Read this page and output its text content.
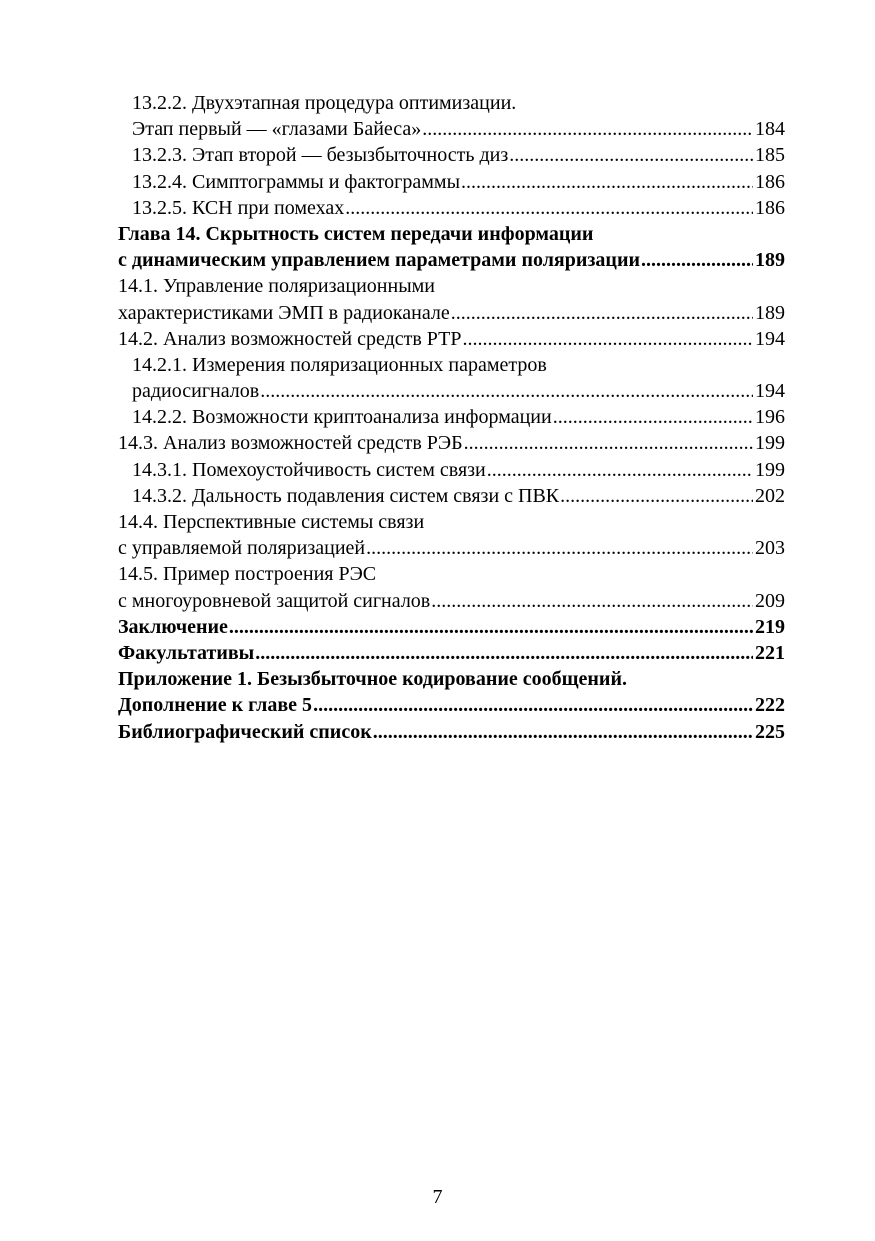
13.2.2. Двухэтапная процедура оптимизации.
Этап первый — «глазами Байеса» .....	184
13.2.3. Этап второй — безызбыточность диз .....	185
13.2.4. Симптограммы и фактограммы .....	186
13.2.5. КСН при помехах .....	186
Глава 14. Скрытность систем передачи информации
с динамическим управлением параметрами поляризации .....	189
14.1. Управление поляризационными
характеристиками ЭМП в радиоканале .....	189
14.2. Анализ возможностей средств РТР .....	194
14.2.1. Измерения поляризационных параметров
радиосигналов .....	194
14.2.2. Возможности криптоанализа информации .....	196
14.3. Анализ возможностей средств РЭБ .....	199
14.3.1. Помехоустойчивость систем связи .....	199
14.3.2. Дальность подавления систем связи с ПВК .....	202
14.4. Перспективные системы связи
с управляемой поляризацией .....	203
14.5. Пример построения РЭС
с многоуровневой защитой сигналов .....	209
Заключение .....	219
Факультативы .....	221
Приложение 1. Безызбыточное кодирование сообщений.
Дополнение к главе 5 .....	222
Библиографический список .....	225
7
